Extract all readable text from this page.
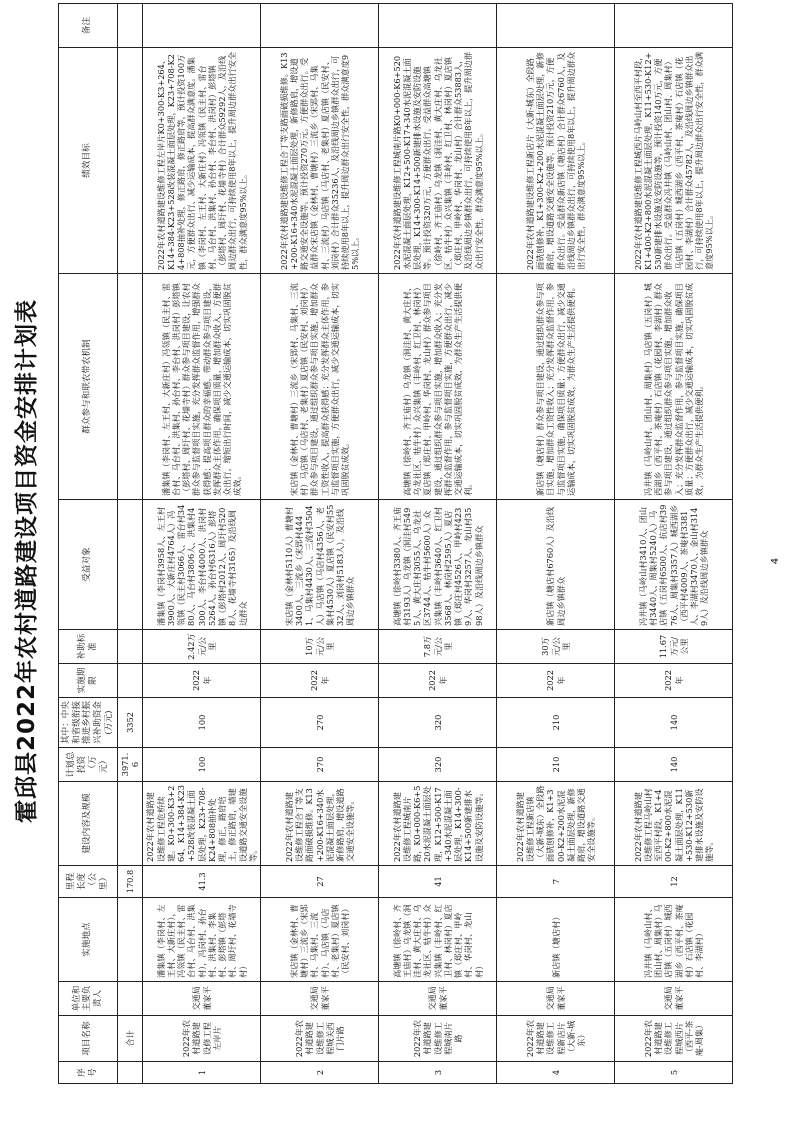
霍邱县2022年农村道路建设项目资金安排计划表
序号	项目名称	单位和主要负责人	实施地点	里程长度（公里）	建设内容及规模	计划总投资（万元）	其中：中央和省级衔接推进乡村振兴补助资金(万元)	实施期限	补助标准	受益对象	群众参与和联农带农机制	绩效目标	备注
	合计			170.8		3971.6	3352						
1	2022年农村道路建设修工程左岸片	交通局 董家平	潘集镇（李岗村、左王村、大新庄村），冯瓴镇（民主村、雷台村、马台村、洪集村），冯岗村、孙台村、洪集村、李集村、彭塔镇（彭塔村、周圩村、花墙寺村）	41.3	2022年农村道路建设维修工程危桥续建。K0+300-K3+264、K14+384-K23+528改装混凝土面层处理，K23+708-K24+808抽补处理，修正，路肩培土，修正路肩，墙建设道路交通安全设施等。	100	100	2022年	2.42万元/公里	潘集镇（李岗村3958人、左王村3900人、大新庄村4764人）冯瓴镇（民主村3066人、雷台村3480人、马台村3806人、洪集村4300人、李台村4000人、洪岗村5264人、孙台村6316人）彭塔镇（彭塔村2012人、周圩村5208人、花墙寺村3165）及沿线周边群众	潘集镇（李岗村、左王村、大新庄村）冯瓴镇（民主村、雷台村、马台村、洪集村、孙台村、李台村、洪岗村）彭塔镇（彭塔村、周圩村、花墙寺村）群众参与项目建设，让农村群众参与监督项目实施，充分发挥群众监督作用，增强群众获得感；提高项目群众的幸福感，带动群众参与项目建设，发挥群众主体作用，确保项目质量，增加群众收入，方便群众出行，缩短出行时间，减少交通运输成本，切实巩固脱贫成效。	2022年农村道路建设维修工程左岸片K0+300-K3+264、K14+384-K23+528改装混凝土面层处理，K23+708-K24+808抽补处理，修正路肩，修正路肩等，预计投资100万元，方便群众出行、减少运输成本，提高群众满意度。潘集镇（李岗村、左王村、大新庄村）冯瓴镇（民主村、雷台村、马台村、洪集村、孙台村、李台村、洪岗村）彭塔镇（彭塔村、周圩村、花墙寺村）合计群众59292人，及沿线周边群众出行，可持续使用8年以上，提升周边群众出行安全性，群众满意度95%以上。	
2	2022年农村道路建设维修工程城关西门片路	交通局 董家平	宋店镇（金林村、曹塘村）三流乡（宋郢村、马集村、三流村）、马店镇（马店村、老集村）夏店镇（民安村、刘岗村）	27	2022年农村道路建设维修工程合丁等支路面破损维修。K13+200-K16+340水泥混凝土面层处理，新修路肩，增设道路交通安全设施等。	270	270	2022年	10万元/公里	宋店镇（金林村5110人）曹塘村3400人，三流乡（宋郢村4441、马集村4430人、三流村3504人）马店镇（马店村4356人、老集村4530人）夏店镇（民安村5532人、刘岗村5183人），及沿线周边乡镇群众	宋店镇（金林村、曹塘村）三流乡（宋郢村、马集村、三流村）马店镇（马店村、老集村）夏店镇（民安村、刘岗村）群众参与项目建设，通过组织群众参与项目实施，增加群众工资性收入，提高群众获得感；充分发挥群众主体作用，参与监督项目实施，方便群众出行，减少交通运输成本，切实巩固脱贫成效。	2022年农村道路建设维修工程合丁等支路面破损维修。K13+200-K16+340水泥混凝土面层处理，新修路肩，增设道路交通安全设施等。预计投资270万元。方便群众出行。受益群众宋店镇（金林村、曹塘村）三流乡（宋郢村、马集村、三流村）马店镇（马店村、老集村）夏店镇（民安村、刘岗村）合计群众35236人，及沿线周边乡镇群众出行，可持续使用8年以上，提升周边群众出行安全性，群众满意度95%以上。	
3	2022年农村道路建设维修工程城南片路	交通局 董家平	高塘镇（徐岭村、齐王庙村）乌龙镇（洞洼村、黄大庄村、乌龙社区、牯牛村）众兴集镇（丰岭村、红卫村、林岗村）夏店镇（郑庄村、甲岭村、华岗村、龙山村）	41	2022年农村道路建设维修工程城南片路，K0+000-K6+520水泥混凝土面层处理，K12+500-K17+340水泥混凝土面层处理，K14+300-K14+500新建排水设施及安防设施等。	320	320	2022年	7.8万元/公里	高塘镇（徐岭村3380人、齐王庙村3193人）乌龙镇（洞洼村5495人、黄大庄村3055人、乌龙社区3744人、牯牛村5600人）众兴集镇（丰岭村3640人、红卫村3568人、林岗村2595人）夏店镇（郑庄村4526人、甲岭村4239人、华岗村3257人、龙山村3598人）及沿线周边乡镇群众	高塘镇（徐岭村、齐王庙村）乌龙镇（洞洼村、黄大庄村、乌龙社区、牯牛村）众兴集镇（丰岭村、红卫村、林岗村）夏店镇（郑庄村、甲岭村、华岗村、龙山村）群众参与项目建设，通过组织群众参与项目实施，增加群众收入；充分发挥群众监督作用，参与监督项目实施，方便群众出行，减少交通运输成本，切实巩固脱贫成效，为群众生产生活提供便利。	2022年农村道路建设维修工程城南片路K0+000-K6+520水泥混凝土面层处理，K12+500-K17+340水泥混凝土面层处理，K14+300-K14+500新建排水设施及安防设施等。预计投资320万元，方便群众出行。受益群众高塘镇（徐岭村、齐王庙村）乌龙镇（洞洼村、黄大庄村、乌龙社区、牯牛村）众兴集镇（丰岭村、红卫村、林岗村）夏店镇（郑庄村、甲岭村、华岗村、龙山村）合计群众53883人，及沿线周边乡镇群众出行，可持续使用8年以上，提升周边群众出行安全性，群众满意度95%以上。	
4	2022年农村道路建设维修工程新店片（大新-城东）	交通局 董家平	新店镇（塘店村）	7	2022年农村道路建设维修工程新店镇（大新-城东）全段路面铣刨修补，K1+300-K2+200水泥混凝土面层处理，新修路肩，增设道路交通安全设施等。	210	210	2022年	30万元/公里	新店镇（塘店村6760人）及沿线周边乡镇群众	新店镇（塘店村）群众参与项目建设，通过组织群众参与项目实施，增加群众工资性收入；充分发挥群众监督作用，参与监督项目实施，确保项目质量；方便群众出行，减少交通运输成本，切实巩固脱贫成效，为群众生产生活提供便利。	2022年农村道路建设维修工程新店片（大新-城东）全段路面铣刨修补，K1+300-K2+200水泥混凝土面层处理，新修路肩，增设道路交通安全设施等，预计投资210万元，方便群众出行。受益群众新店镇（塘店村）合计群众6760人，及沿线周边乡镇群众出行，可持续使用8年以上，提升周边群众出行安全性，群众满意度95%以上。	
5	2022年农村道路建设维修工程城西片（西平-茶庵-周集）	交通局 董家平	冯井镇（马岭山村、团山村、周集村）马店镇（五岗村）城西湖乡（西平村、茶庵村）石店镇（花园村、李湖村）	12	2022年农村道路建设维修工程马岭山村至西平村段，K1+400-K2+800水泥混凝土面层处理，K11+530-K12+530新建排水设施及安防设施等。	140	140	2022年	11.67万元/公里	冯井镇（马岭山村3410人、团山村3440人、周集村5240人）马店镇（五岗村6500人、抗店村3976人、周集村3357人）城西湖乡（西平村4009人、茶庵村3381人、李湖村3470人、金山村3149人）及沿线周边乡镇群众	冯井镇（马岭山村、团山村、周集村）马店镇（五岗村）城西湖乡（西平村、茶庵村）石店镇（花园村、李湖村）群众参与项目建设，通过组织群众参与项目实施，增加群众收入；充分发挥群众监督作用，参与监督项目实施，确保项目质量；方便群众出行，减少交通运输成本，切实巩固脱贫成效，为群众生产生活提供便利。	2022年农村道路建设维修工程城西片马岭山村至西平村段，K1+400-K2+800水泥混凝土面层处理，K11+530-K12+530新建排水设施及安防设施等，预计投资140万元，方便群众出行。受益群众冯井镇（马岭山村、团山村、周集村）马店镇（五岗村）城西湖乡（西平村、茶庵村）石店镇（花园村、李湖村）合计群众45782人，及沿线周边乡镇群众出行，可持续使用8年以上，提升周边群众出行安全性，群众满意度95%以上。	
4
